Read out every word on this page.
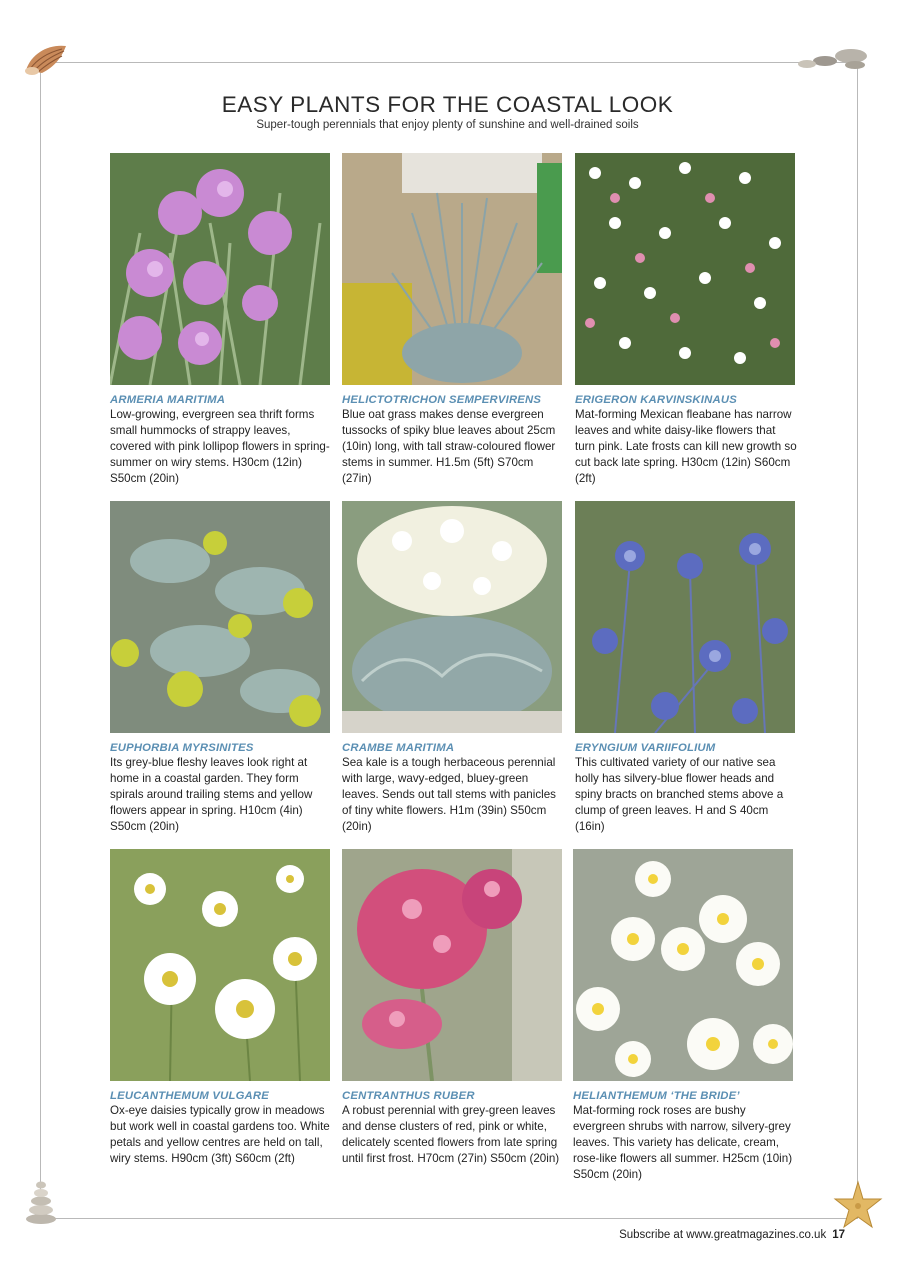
EASY PLANTS FOR THE COASTAL LOOK
Super-tough perennials that enjoy plenty of sunshine and well-drained soils
ARMERIA MARITIMA

Low-growing, evergreen sea thrift forms small hummocks of strappy leaves, covered with pink lollipop flowers in spring-summer on wiry stems. H30cm (12in) S50cm (20in)

HELICTOTRICHON SEMPERVIRENS

Blue oat grass makes dense evergreen tussocks of spiky blue leaves about 25cm (10in) long, with tall straw-coloured flower stems in summer. H1.5m (5ft) S70cm (27in)

ERIGERON KARVINSKINAUS

Mat-forming Mexican fleabane has narrow leaves and white daisy-like flowers that turn pink. Late frosts can kill new growth so cut back late spring. H30cm (12in) S60cm (2ft)

EUPHORBIA MYRSINITES

Its grey-blue fleshy leaves look right at home in a coastal garden. They form spirals around trailing stems and yellow flowers appear in spring. H10cm (4in) S50cm (20in)

CRAMBE MARITIMA

Sea kale is a tough herbaceous perennial with large, wavy-edged, bluey-green leaves. Sends out tall stems with panicles of tiny white flowers. H1m (39in) S50cm (20in)

ERYNGIUM VARIIFOLIUM

This cultivated variety of our native sea holly has silvery-blue flower heads and spiny bracts on branched stems above a clump of green leaves. H and S 40cm (16in)

LEUCANTHEMUM VULGARE

Ox-eye daisies typically grow in meadows but work well in coastal gardens too. White petals and yellow centres are held on tall, wiry stems. H90cm (3ft) S60cm (2ft)

CENTRANTHUS RUBER

A robust perennial with grey-green leaves and dense clusters of red, pink or white, delicately scented flowers from late spring until first frost. H70cm (27in) S50cm (20in)

HELIANTHEMUM ‘THE BRIDE’

Mat-forming rock roses are bushy evergreen shrubs with narrow, silvery-grey leaves. This variety has delicate, cream, rose-like flowers all summer. H25cm (10in) S50cm (20in)

Subscribe at www.greatmagazines.co.uk 17
